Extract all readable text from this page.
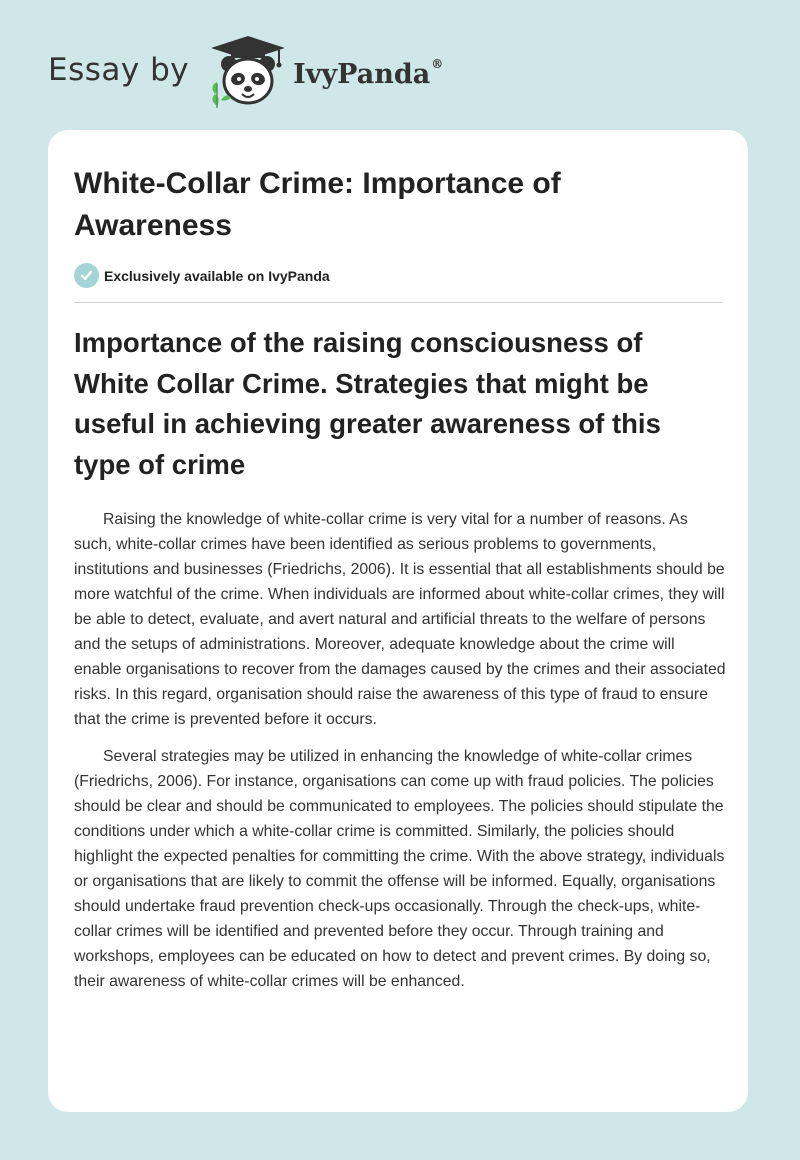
Essay by	IvyPanda®
White-Collar Crime: Importance of Awareness
Exclusively available on IvyPanda
Importance of the raising consciousness of White Collar Crime. Strategies that might be useful in achieving greater awareness of this type of crime

Raising the knowledge of white-collar crime is very vital for a number of reasons. As such, white-collar crimes have been identified as serious problems to governments, institutions and businesses (Friedrichs, 2006). It is essential that all establishments should be more watchful of the crime. When individuals are informed about white-collar crimes, they will be able to detect, evaluate, and avert natural and artificial threats to the welfare of persons and the setups of administrations. Moreover, adequate knowledge about the crime will enable organisations to recover from the damages caused by the crimes and their associated risks. In this regard, organisation should raise the awareness of this type of fraud to ensure that the crime is prevented before it occurs.

Several strategies may be utilized in enhancing the knowledge of white-collar crimes (Friedrichs, 2006). For instance, organisations can come up with fraud policies. The policies should be clear and should be communicated to employees. The policies should stipulate the conditions under which a white-collar crime is committed. Similarly, the policies should highlight the expected penalties for committing the crime. With the above strategy, individuals or organisations that are likely to commit the offense will be informed. Equally, organisations should undertake fraud prevention check-ups occasionally. Through the check-ups, white-collar crimes will be identified and prevented before they occur. Through training and workshops, employees can be educated on how to detect and prevent crimes. By doing so, their awareness of white-collar crimes will be enhanced.
